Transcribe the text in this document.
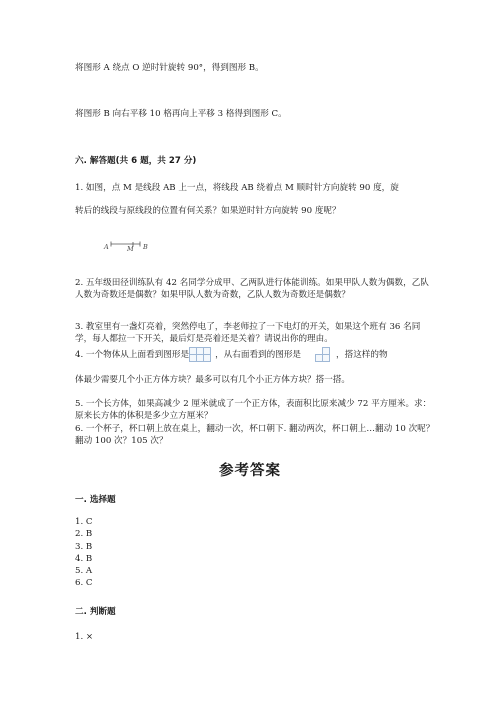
将图形 A 绕点 O 逆时针旋转 90°，得到图形 B。
将图形 B 向右平移 10 格再向上平移 3 格得到图形 C。
六. 解答题(共 6 题，共 27 分)
1. 如图，点 M 是线段 AB 上一点，将线段 AB 绕着点 M 顺时针方向旋转 90 度，旋
转后的线段与原线段的位置有何关系？如果逆时针方向旋转 90 度呢？
A	M B
2. 五年级田径训练队有 42 名同学分成甲、乙两队进行体能训练。如果甲队人数为偶数，乙队人数为奇数还是偶数？如果甲队人数为奇数，乙队人数为奇数还是偶数？
3. 教室里有一盏灯亮着，突然停电了，李老师拉了一下电灯的开关，如果这个班有 36 名同学，每人都拉一下开关，最后灯是亮着还是关着？请说出你的理由。
4. 一个物体从上面看到图形是		
			，从右面看到的图形是	
		，搭这样的物
体最少需要几个小正方体方块？最多可以有几个小正方体方块？搭一搭。
5. 一个长方体，如果高减少 2 厘米就成了一个正方体，表面积比原来减少 72 平方厘米。求：原来长方体的体积是多少立方厘米？
6. 一个杯子，杯口朝上放在桌上，翻动一次，杯口朝下. 翻动两次，杯口朝上…翻动 10 次呢？翻动 100 次？105 次？
参考答案
一. 选择题
1. C
2. B
3. B
4. B
5. A
6. C
二. 判断题
1. ×
